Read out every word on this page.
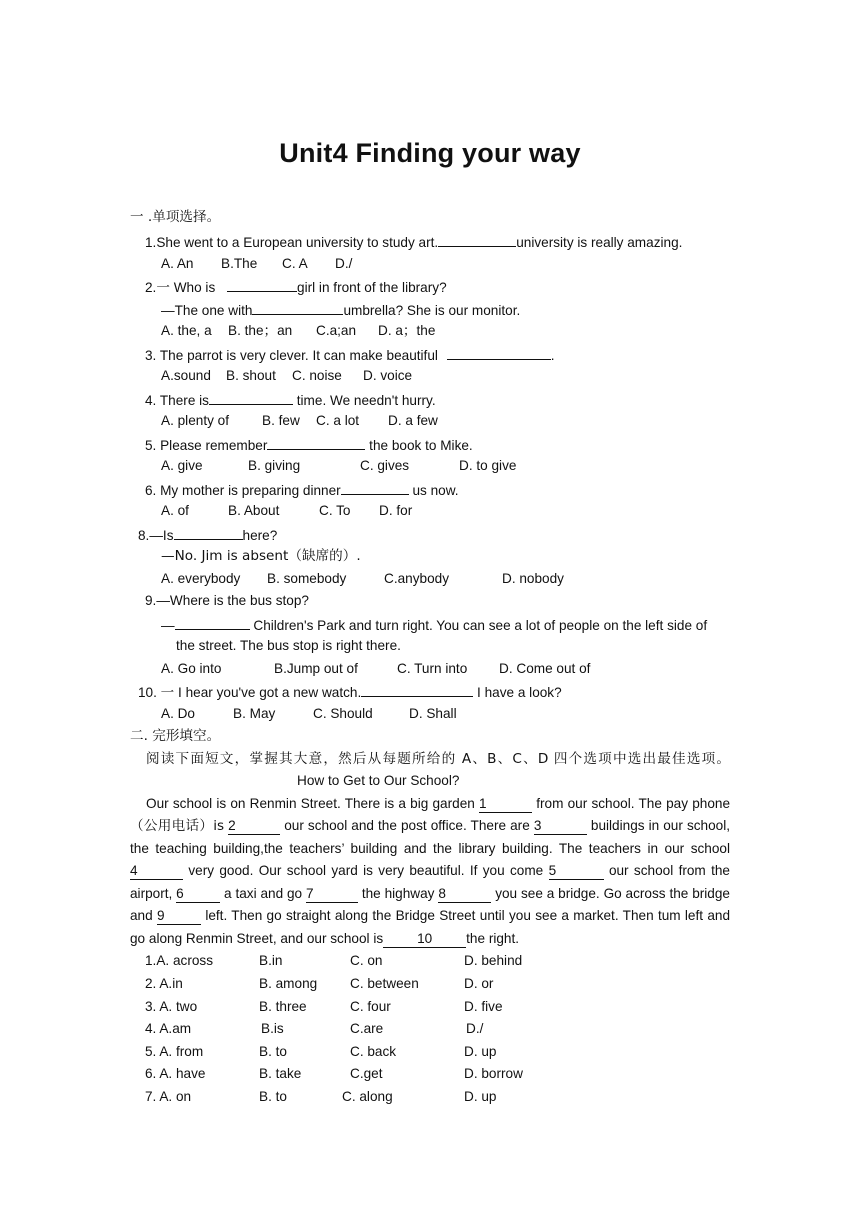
Unit4 Finding your way
一 .单项选择。
1.She went to a European university to study art.	university is really amazing.
A. An B.The C. A D./
2.一 Who is	girl in front of the library?
—The one with	umbrella? She is our monitor.
A. the, a B. the；an C.a;an D. a；the
3. The parrot is very clever. It can make beautiful	.
A.sound B. shout C. noise D. voice
4. There is	time. We needn't hurry.
A. plenty of B. few C. a lot D. a few
5. Please remember	the book to Mike.
A. give	B. giving	C. gives	D. to give
6. My mother is preparing dinner	us now.
A. of	B. About	C. To D. for
8.—Is	here?
—No. Jim is absent（缺席的）.
A. everybody B. somebody	C.anybody	D. nobody
9.—Where is the bus stop?
—	Children's Park and turn right. You can see a lot of people on the left side of
the street. The bus stop is right there.
A. Go into	B.Jump out of	C. Turn into D. Come out of
10. 一 I hear you've got a new watch.	I have a look?
A. Do	B. May	C. Should	D. Shall
二. 完形填空。
阅读下面短文，掌握其大意，然后从每题所给的 A、B、C、D 四个选项中选出最佳选项。
How to Get to Our School?
Our school is on Renmin Street. There is a big garden 1	from our school. The pay phone
（公用电话）is 2	our school and the post office. There are 3	buildings in our school,
the teaching building,the teachers’ building and the library building. The teachers in our school
4	very good. Our school yard is very beautiful. If you come 5	our school from the
airport, 6	a taxi and go 7	the highway 8	you see a bridge. Go across the bridge
and 9	left. Then go straight along the Bridge Street until you see a market. Then tum left and
go along Renmin Street, and our school is 10 the right.
1.A. across	B.in	C. on	D. behind
2. A.in	B. among C. between	D. or
3. A. two	B. three	C. four	D. five
4. A.am	B.is	C.are	D./
5. A. from	B. to	C. back	D. up
6. A. have	B. take	C.get	D. borrow
7. A. on	B. to	C. along	D. up
